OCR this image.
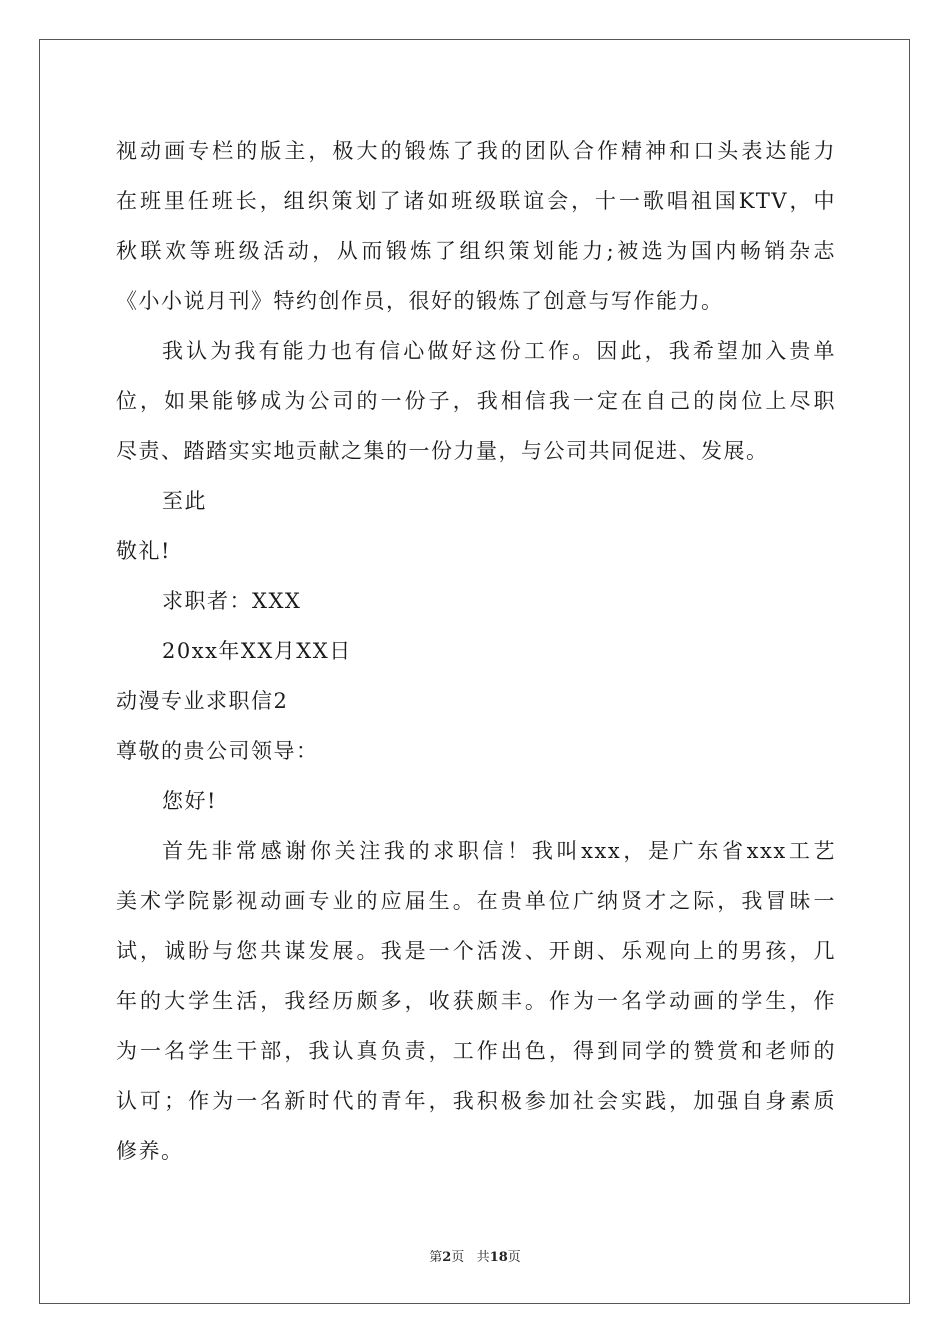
视动画专栏的版主，极大的锻炼了我的团队合作精神和口头表达能力
在班里任班长，组织策划了诸如班级联谊会，十一歌唱祖国KTV，中
秋联欢等班级活动，从而锻炼了组织策划能力;被选为国内畅销杂志
《小小说月刊》特约创作员，很好的锻炼了创意与写作能力。
我认为我有能力也有信心做好这份工作。因此，我希望加入贵单
位，如果能够成为公司的一份子，我相信我一定在自己的岗位上尽职
尽责、踏踏实实地贡献之集的一份力量，与公司共同促进、发展。
至此
敬礼!
求职者：XXX
20xx年XX月XX日
动漫专业求职信2
尊敬的贵公司领导：
您好!
首先非常感谢你关注我的求职信！我叫xxx，是广东省xxx工艺
美术学院影视动画专业的应届生。在贵单位广纳贤才之际，我冒昧一
试，诚盼与您共谋发展。我是一个活泼、开朗、乐观向上的男孩，几
年的大学生活，我经历颇多，收获颇丰。作为一名学动画的学生，作
为一名学生干部，我认真负责，工作出色，得到同学的赞赏和老师的
认可；作为一名新时代的青年，我积极参加社会实践，加强自身素质
修养。
第2页 共18页
